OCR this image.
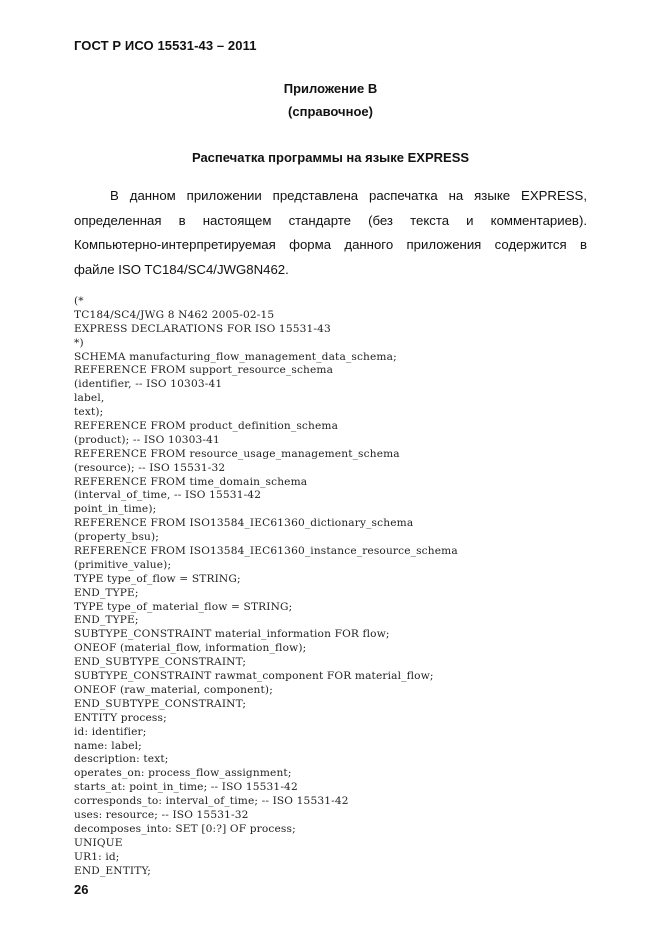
ГОСТ Р ИСО 15531-43 – 2011
Приложение В
(справочное)
Распечатка программы на языке EXPRESS
В данном приложении представлена распечатка на языке EXPRESS,
определенная в настоящем стандарте (без текста и комментариев).
Компьютерно-интерпретируемая форма данного приложения содержится в
файле ISO TC184/SC4/JWG8N462.
(*
TC184/SC4/JWG 8 N462 2005-02-15
EXPRESS DECLARATIONS FOR ISO 15531-43
*)
SCHEMA manufacturing_flow_management_data_schema;
REFERENCE FROM support_resource_schema
(identifier, -- ISO 10303-41
label,
text);
REFERENCE FROM product_definition_schema
(product); -- ISO 10303-41
REFERENCE FROM resource_usage_management_schema
(resource); -- ISO 15531-32
REFERENCE FROM time_domain_schema
(interval_of_time, -- ISO 15531-42
point_in_time);
REFERENCE FROM ISO13584_IEC61360_dictionary_schema
(property_bsu);
REFERENCE FROM ISO13584_IEC61360_instance_resource_schema
(primitive_value);
TYPE type_of_flow = STRING;
END_TYPE;
TYPE type_of_material_flow = STRING;
END_TYPE;
SUBTYPE_CONSTRAINT material_information FOR flow;
ONEOF (material_flow, information_flow);
END_SUBTYPE_CONSTRAINT;
SUBTYPE_CONSTRAINT rawmat_component FOR material_flow;
ONEOF (raw_material, component);
END_SUBTYPE_CONSTRAINT;
ENTITY process;
id: identifier;
name: label;
description: text;
operates_on: process_flow_assignment;
starts_at: point_in_time; -- ISO 15531-42
corresponds_to: interval_of_time; -- ISO 15531-42
uses: resource; -- ISO 15531-32
decomposes_into: SET [0:?] OF process;
UNIQUE
UR1: id;
END_ENTITY;
26
